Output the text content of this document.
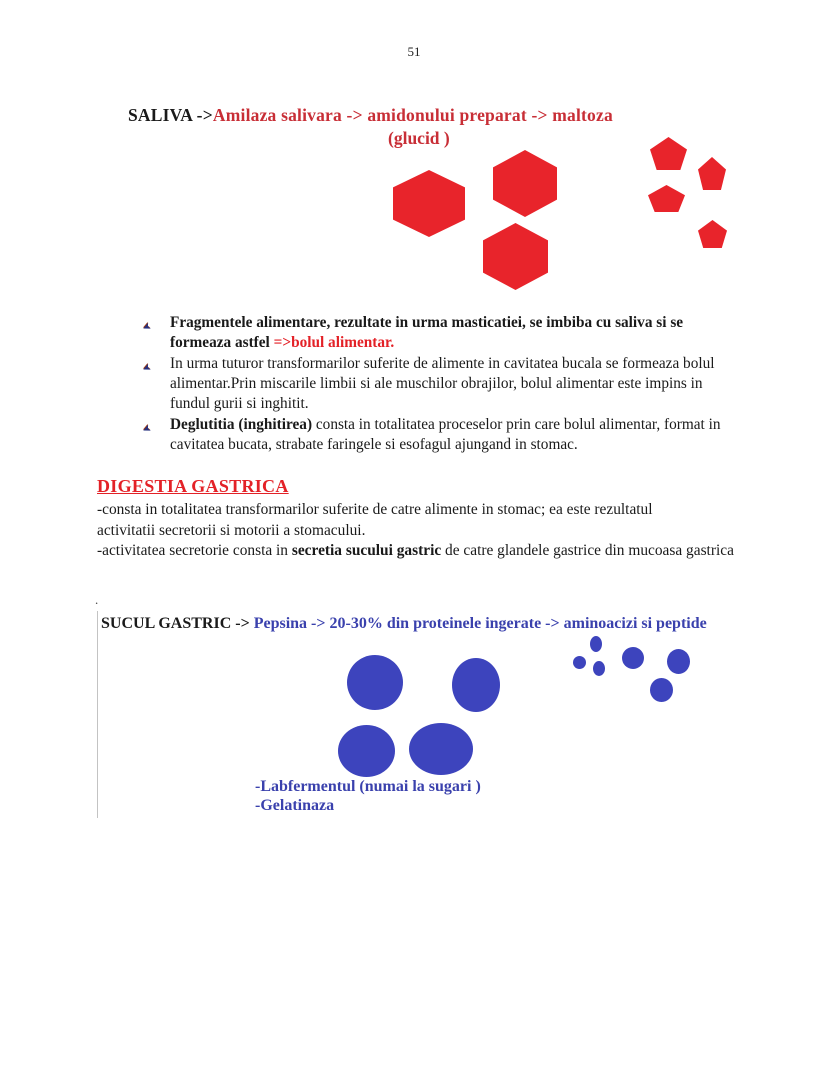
51
SALIVA ->Amilaza salivara -> amidonului preparat -> maltoza
(glucid )
➤ Fragmentele alimentare, rezultate in urma masticatiei, se imbiba cu saliva si se formeaza astfel =>bolul alimentar.
➤ In urma tuturor transformarilor suferite de alimente in cavitatea bucala se formeaza bolul alimentar.Prin miscarile limbii si ale muschilor obrajilor, bolul alimentar este impins in fundul gurii si inghitit.
➤ Deglutitia (inghitirea) consta in totalitatea proceselor prin care bolul alimentar, format in cavitatea bucata, strabate faringele si esofagul ajungand in stomac.
DIGESTIA GASTRICA
-consta in totalitatea transformarilor suferite de catre alimente in stomac; ea este rezultatul
activitatii secretorii si motorii a stomacului.
-activitatea secretorie consta in secretia sucului gastric de catre glandele gastrice din mucoasa gastrica
.
SUCUL GASTRIC -> Pepsina -> 20-30% din proteinele ingerate -> aminoacizi si peptide
-Labfermentul (numai la sugari )
-Gelatinaza
